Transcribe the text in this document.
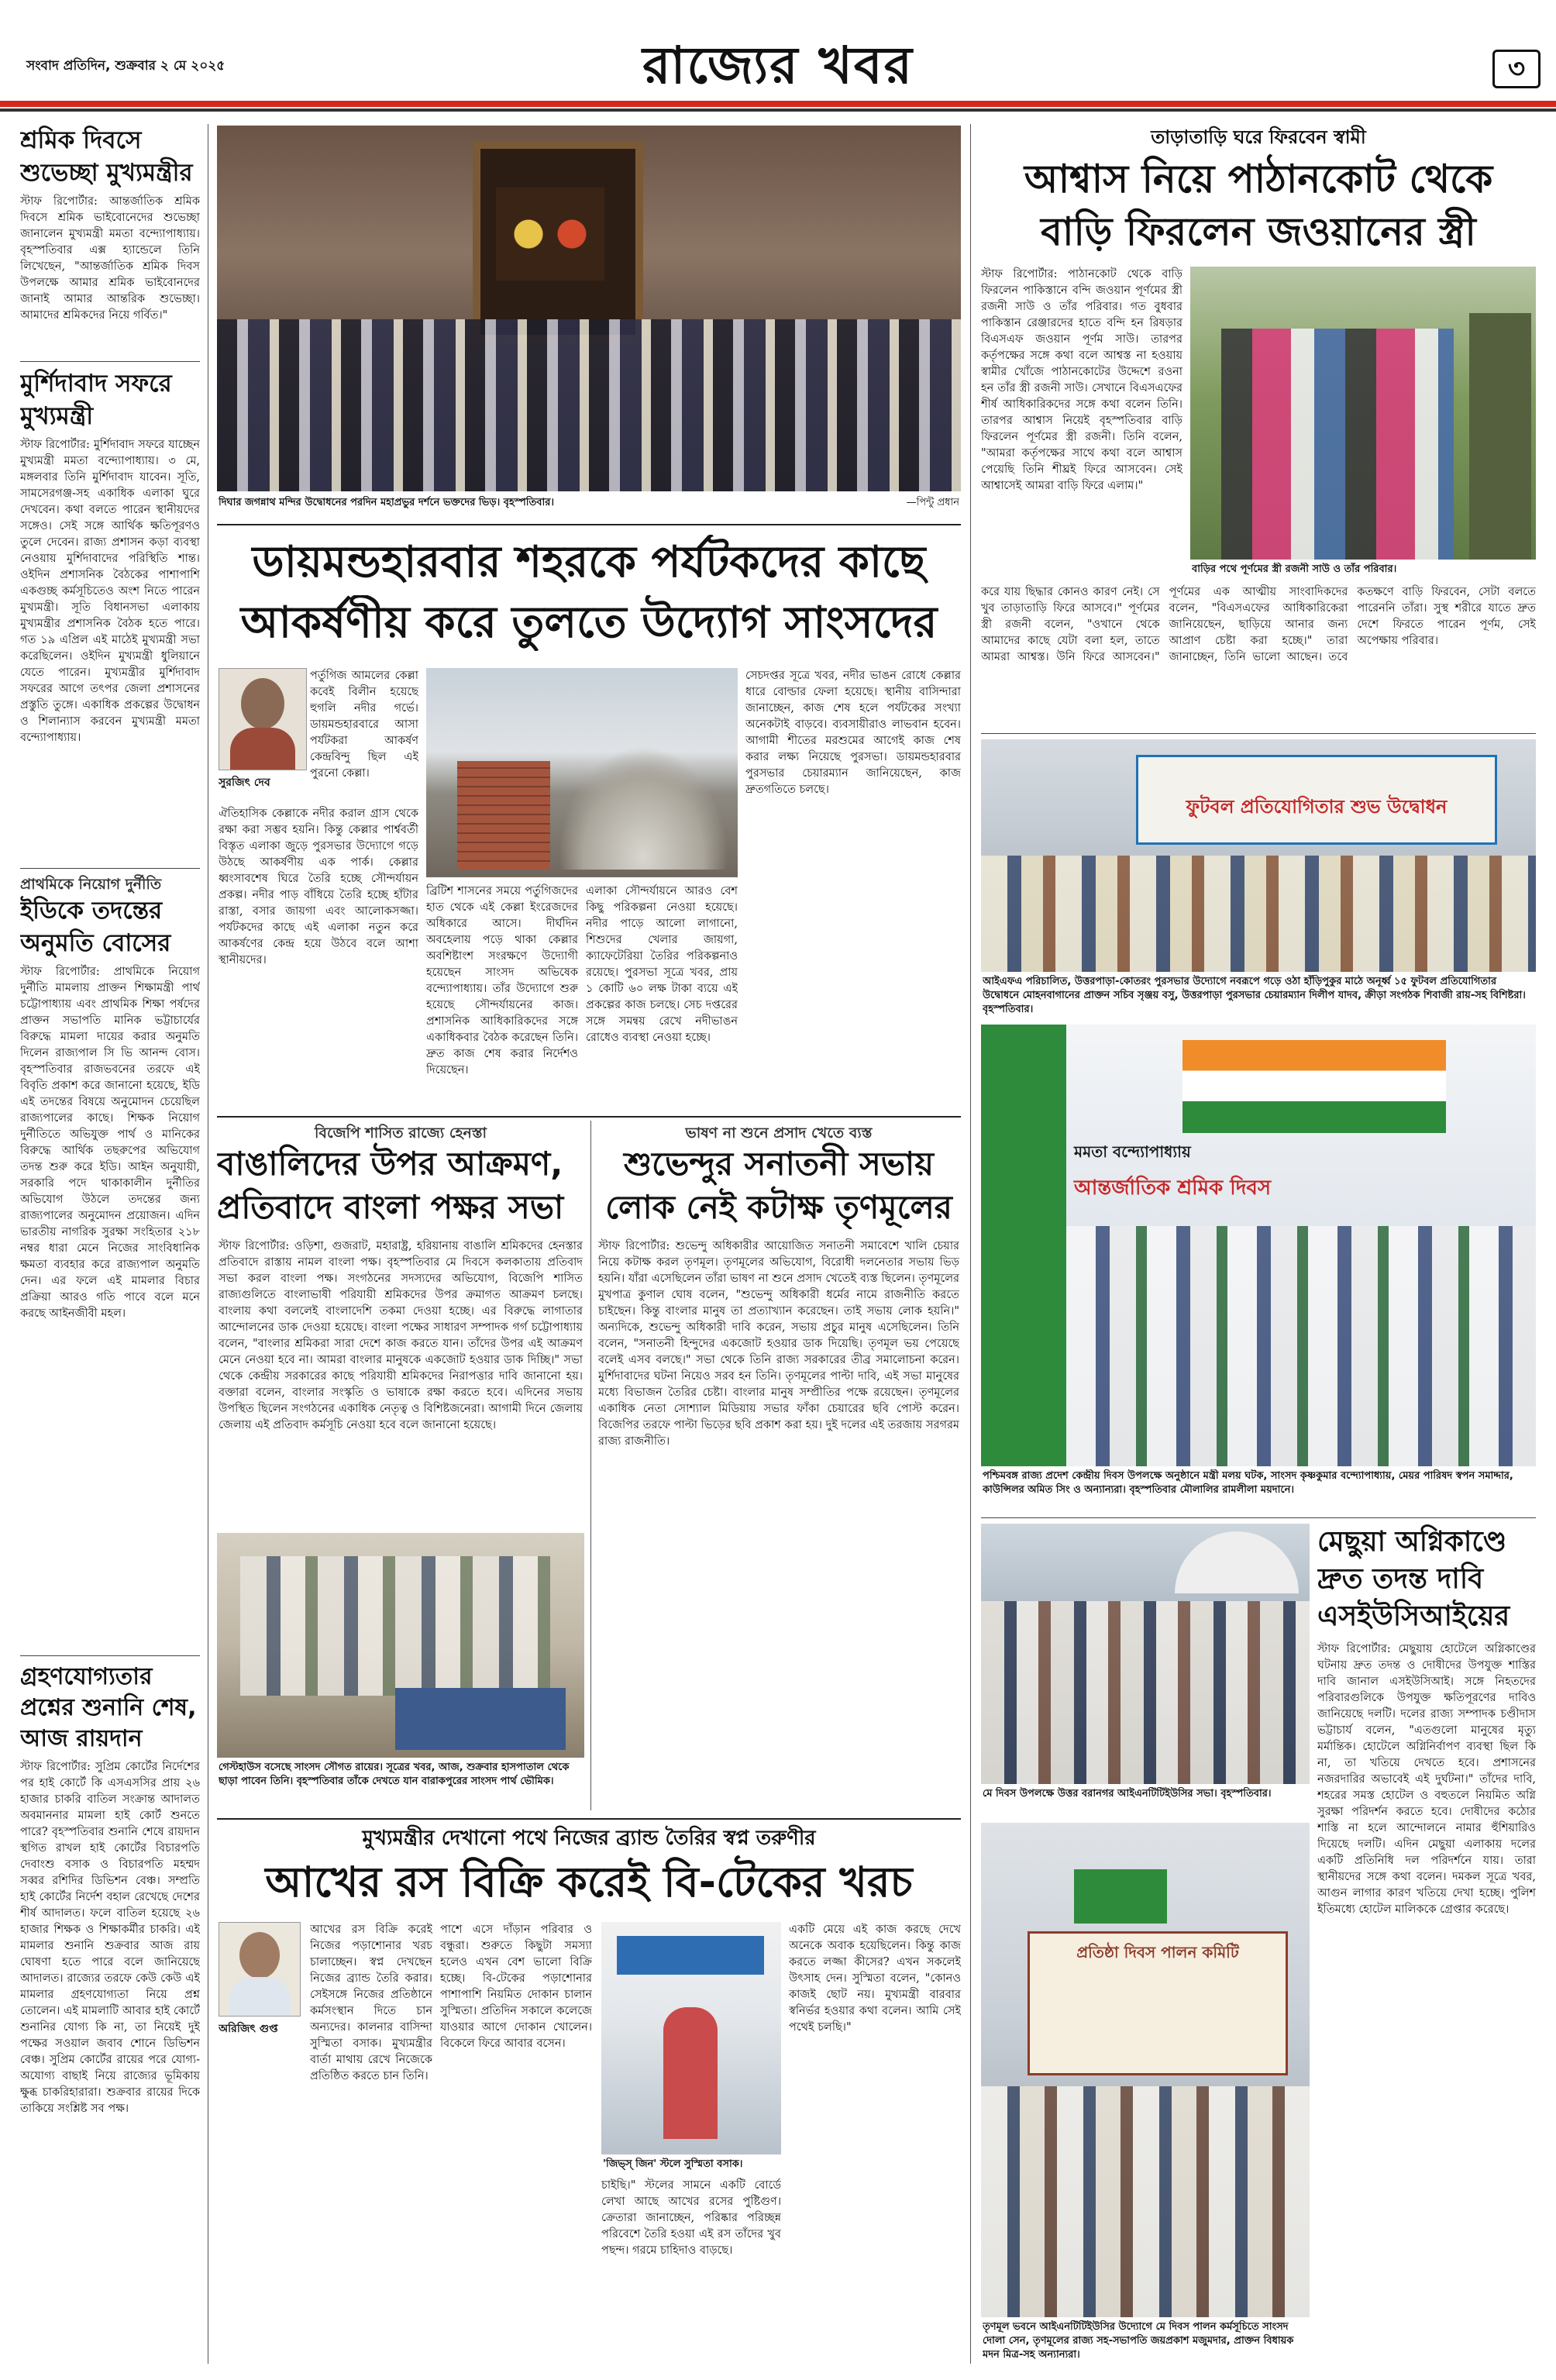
সংবাদ প্রতিদিন, শুক্রবার ২ মে ২০২৫	রাজ্যের খবর	৩
শ্রমিক দিবসে শুভেচ্ছা মুখ্যমন্ত্রীর
স্টাফ রিপোর্টার: আন্তর্জাতিক শ্রমিক দিবসে শ্রমিক ভাইবোনেদের শুভেচ্ছা জানালেন মুখ্যমন্ত্রী মমতা বন্দ্যোপাধ্যায়। বৃহস্পতিবার এক্স হ্যান্ডেলে তিনি লিখেছেন, "আন্তর্জাতিক শ্রমিক দিবস উপলক্ষে আমার শ্রমিক ভাইবোনদের জানাই আমার আন্তরিক শুভেচ্ছা। আমাদের শ্রমিকদের নিয়ে গর্বিত।"
মুর্শিদাবাদ সফরে মুখ্যমন্ত্রী
স্টাফ রিপোর্টার: মুর্শিদাবাদ সফরে যাচ্ছেন মুখ্যমন্ত্রী মমতা বন্দ্যোপাধ্যায়। ৩ মে, মঙ্গলবার তিনি মুর্শিদাবাদ যাবেন। সূতি, সামসেরগঞ্জ-সহ একাধিক এলাকা ঘুরে দেখবেন। কথা বলতে পারেন স্থানীয়দের সঙ্গেও। সেই সঙ্গে আর্থিক ক্ষতিপূরণও তুলে দেবেন। রাজ্য প্রশাসন কড়া ব্যবস্থা নেওয়ায় মুর্শিদাবাদের পরিস্থিতি শান্ত। ওইদিন প্রশাসনিক বৈঠকের পাশাপাশি একগুচ্ছ কর্মসূচিতেও অংশ নিতে পারেন মুখ্যমন্ত্রী। সূতি বিধানসভা এলাকায় মুখ্যমন্ত্রীর প্রশাসনিক বৈঠক হতে পারে। গত ১৯ এপ্রিল এই মাঠেই মুখ্যমন্ত্রী সভা করেছিলেন। ওইদিন মুখ্যমন্ত্রী ধুলিয়ানে যেতে পারেন। মুখ্যমন্ত্রীর মুর্শিদাবাদ সফরের আগে তৎপর জেলা প্রশাসনের প্রস্তুতি তুঙ্গে। একাধিক প্রকল্পের উদ্বোধন ও শিলান্যাস করবেন মুখ্যমন্ত্রী মমতা বন্দ্যোপাধ্যায়।
প্রাথমিকে নিয়োগ দুর্নীতি
ইডিকে তদন্তের অনুমতি বোসের
স্টাফ রিপোর্টার: প্রাথমিকে নিয়োগ দুর্নীতি মামলায় প্রাক্তন শিক্ষামন্ত্রী পার্থ চট্টোপাধ্যায় এবং প্রাথমিক শিক্ষা পর্ষদের প্রাক্তন সভাপতি মানিক ভট্টাচার্যের বিরুদ্ধে মামলা দায়ের করার অনুমতি দিলেন রাজ্যপাল সি ভি আনন্দ বোস। বৃহস্পতিবার রাজভবনের তরফে এই বিবৃতি প্রকাশ করে জানানো হয়েছে, ইডি এই তদন্তের বিষয়ে অনুমোদন চেয়েছিল রাজ্যপালের কাছে। শিক্ষক নিয়োগ দুর্নীতিতে অভিযুক্ত পার্থ ও মানিকের বিরুদ্ধে আর্থিক তছরুপের অভিযোগ তদন্ত শুরু করে ইডি। আইন অনুযায়ী, সরকারি পদে থাকাকালীন দুর্নীতির অভিযোগ উঠলে তদন্তের জন্য রাজ্যপালের অনুমোদন প্রয়োজন। এদিন ভারতীয় নাগরিক সুরক্ষা সংহিতার ২১৮ নম্বর ধারা মেনে নিজের সাংবিধানিক ক্ষমতা ব্যবহার করে রাজ্যপাল অনুমতি দেন। এর ফলে এই মামলার বিচার প্রক্রিয়া আরও গতি পাবে বলে মনে করছে আইনজীবী মহল।
গ্রহণযোগ্যতার প্রশ্নের শুনানি শেষ, আজ রায়দান
স্টাফ রিপোর্টার: সুপ্রিম কোর্টের নির্দেশের পর হাই কোর্টে কি এসএসসির প্রায় ২৬ হাজার চাকরি বাতিল সংক্রান্ত আদালত অবমাননার মামলা হাই কোর্ট শুনতে পারে? বৃহস্পতিবার শুনানি শেষে রায়দান স্থগিত রাখল হাই কোর্টের বিচারপতি দেবাংশু বসাক ও বিচারপতি মহম্মদ সব্বর রশিদির ডিভিশন বেঞ্চ। সম্প্রতি হাই কোর্টের নির্দেশ বহাল রেখেছে দেশের শীর্ষ আদালত। ফলে বাতিল হয়েছে ২৬ হাজার শিক্ষক ও শিক্ষাকর্মীর চাকরি। এই মামলার শুনানি শুক্রবার আজ রায় ঘোষণা হতে পারে বলে জানিয়েছে আদালত। রাজ্যের তরফে কেউ কেউ এই মামলার গ্রহণযোগ্যতা নিয়ে প্রশ্ন তোলেন। এই মামলাটি আবার হাই কোর্টে শুনানির যোগ্য কি না, তা নিয়েই দুই পক্ষের সওয়াল জবাব শোনে ডিভিশন বেঞ্চ। সুপ্রিম কোর্টের রায়ের পরে যোগ্য-অযোগ্য বাছাই নিয়ে রাজ্যের ভূমিকায় ক্ষুব্ধ চাকরিহারারা। শুক্রবার রায়ের দিকে তাকিয়ে সংশ্লিষ্ট সব পক্ষ।
দিঘার জগন্নাথ মন্দির উদ্বোধনের পরদিন মহাপ্রভুর দর্শনে ভক্তদের ভিড়। বৃহস্পতিবার।	—পিন্টু প্রধান
ডায়মন্ডহারবার শহরকে পর্যটকদের কাছে
আকর্ষণীয় করে তুলতে উদ্যোগ সাংসদের
সুরজিৎ দেব
পর্তুগিজ আমলের কেল্লা কবেই বিলীন হয়েছে হুগলি নদীর গর্ভে। ডায়মন্ডহারবারে আসা পর্যটকরা আকর্ষণ কেন্দ্রবিন্দু ছিল এই পুরনো কেল্লা।
ঐতিহাসিক কেল্লাকে নদীর করাল গ্রাস থেকে রক্ষা করা সম্ভব হয়নি। কিন্তু কেল্লার পার্শ্ববর্তী বিস্তৃত এলাকা জুড়ে পুরসভার উদ্যোগে গড়ে উঠছে আকর্ষণীয় এক পার্ক। কেল্লার ধ্বংসাবশেষ ঘিরে তৈরি হচ্ছে সৌন্দর্যায়ন প্রকল্প। নদীর পাড় বাঁধিয়ে তৈরি হচ্ছে হাঁটার রাস্তা, বসার জায়গা এবং আলোকসজ্জা। পর্যটকদের কাছে এই এলাকা নতুন করে আকর্ষণের কেন্দ্র হয়ে উঠবে বলে আশা স্থানীয়দের।
ব্রিটিশ শাসনের সময়ে পর্তুগিজদের হাত থেকে এই কেল্লা ইংরেজদের অধিকারে আসে। দীর্ঘদিন অবহেলায় পড়ে থাকা কেল্লার অবশিষ্টাংশ সংরক্ষণে উদ্যোগী হয়েছেন সাংসদ অভিষেক বন্দ্যোপাধ্যায়। তাঁর উদ্যোগে শুরু হয়েছে সৌন্দর্যায়নের কাজ। প্রশাসনিক আধিকারিকদের সঙ্গে একাধিকবার বৈঠক করেছেন তিনি। দ্রুত কাজ শেষ করার নির্দেশও দিয়েছেন।
এলাকা সৌন্দর্যায়নে আরও বেশ কিছু পরিকল্পনা নেওয়া হয়েছে। নদীর পাড়ে আলো লাগানো, শিশুদের খেলার জায়গা, ক্যাফেটেরিয়া তৈরির পরিকল্পনাও রয়েছে। পুরসভা সূত্রে খবর, প্রায় ১ কোটি ৬০ লক্ষ টাকা ব্যয়ে এই প্রকল্পের কাজ চলছে। সেচ দপ্তরের সঙ্গে সমন্বয় রেখে নদীভাঙন রোধেও ব্যবস্থা নেওয়া হচ্ছে।
সেচদপ্তর সূত্রে খবর, নদীর ভাঙন রোধে কেল্লার ধারে বোল্ডার ফেলা হয়েছে। স্থানীয় বাসিন্দারা জানাচ্ছেন, কাজ শেষ হলে পর্যটকের সংখ্যা অনেকটাই বাড়বে। ব্যবসায়ীরাও লাভবান হবেন। আগামী শীতের মরশুমের আগেই কাজ শেষ করার লক্ষ্য নিয়েছে পুরসভা। ডায়মন্ডহারবার পুরসভার চেয়ারম্যান জানিয়েছেন, কাজ দ্রুতগতিতে চলছে।
বিজেপি শাসিত রাজ্যে হেনস্তা
বাঙালিদের উপর আক্রমণ,
প্রতিবাদে বাংলা পক্ষর সভা
স্টাফ রিপোর্টার: ওড়িশা, গুজরাট, মহারাষ্ট্র, হরিয়ানায় বাঙালি শ্রমিকদের হেনস্তার প্রতিবাদে রাস্তায় নামল বাংলা পক্ষ। বৃহস্পতিবার মে দিবসে কলকাতায় প্রতিবাদ সভা করল বাংলা পক্ষ। সংগঠনের সদস্যদের অভিযোগ, বিজেপি শাসিত রাজ্যগুলিতে বাংলাভাষী পরিযায়ী শ্রমিকদের উপর ক্রমাগত আক্রমণ চলছে। বাংলায় কথা বললেই বাংলাদেশি তকমা দেওয়া হচ্ছে। এর বিরুদ্ধে লাগাতার আন্দোলনের ডাক দেওয়া হয়েছে। বাংলা পক্ষের সাধারণ সম্পাদক গর্গ চট্টোপাধ্যায় বলেন, "বাংলার শ্রমিকরা সারা দেশে কাজ করতে যান। তাঁদের উপর এই আক্রমণ মেনে নেওয়া হবে না। আমরা বাংলার মানুষকে একজোট হওয়ার ডাক দিচ্ছি।" সভা থেকে কেন্দ্রীয় সরকারের কাছে পরিযায়ী শ্রমিকদের নিরাপত্তার দাবি জানানো হয়। বক্তারা বলেন, বাংলার সংস্কৃতি ও ভাষাকে রক্ষা করতে হবে। এদিনের সভায় উপস্থিত ছিলেন সংগঠনের একাধিক নেতৃত্ব ও বিশিষ্টজনেরা। আগামী দিনে জেলায় জেলায় এই প্রতিবাদ কর্মসূচি নেওয়া হবে বলে জানানো হয়েছে।
গেস্টহাউস বসেছে সাংসদ সৌগত রায়ের। সূত্রের খবর, আজ, শুক্রবার হাসপাতাল থেকে ছাড়া পাবেন তিনি। বৃহস্পতিবার তাঁকে দেখতে যান বারাকপুরের সাংসদ পার্থ ভৌমিক।
ভাষণ না শুনে প্রসাদ খেতে ব্যস্ত
শুভেন্দুর সনাতনী সভায়
লোক নেই কটাক্ষ তৃণমূলের
স্টাফ রিপোর্টার: শুভেন্দু অধিকারীর আয়োজিত সনাতনী সমাবেশে খালি চেয়ার নিয়ে কটাক্ষ করল তৃণমূল। তৃণমূলের অভিযোগ, বিরোধী দলনেতার সভায় ভিড় হয়নি। যাঁরা এসেছিলেন তাঁরা ভাষণ না শুনে প্রসাদ খেতেই ব্যস্ত ছিলেন। তৃণমূলের মুখপাত্র কুণাল ঘোষ বলেন, "শুভেন্দু অধিকারী ধর্মের নামে রাজনীতি করতে চাইছেন। কিন্তু বাংলার মানুষ তা প্রত্যাখ্যান করেছেন। তাই সভায় লোক হয়নি।" অন্যদিকে, শুভেন্দু অধিকারী দাবি করেন, সভায় প্রচুর মানুষ এসেছিলেন। তিনি বলেন, "সনাতনী হিন্দুদের একজোট হওয়ার ডাক দিয়েছি। তৃণমূল ভয় পেয়েছে বলেই এসব বলছে।" সভা থেকে তিনি রাজ্য সরকারের তীব্র সমালোচনা করেন। মুর্শিদাবাদের ঘটনা নিয়েও সরব হন তিনি। তৃণমূলের পাল্টা দাবি, এই সভা মানুষের মধ্যে বিভাজন তৈরির চেষ্টা। বাংলার মানুষ সম্প্রীতির পক্ষে রয়েছেন। তৃণমূলের একাধিক নেতা সোশ্যাল মিডিয়ায় সভার ফাঁকা চেয়ারের ছবি পোস্ট করেন। বিজেপির তরফে পাল্টা ভিড়ের ছবি প্রকাশ করা হয়। দুই দলের এই তরজায় সরগরম রাজ্য রাজনীতি।
মুখ্যমন্ত্রীর দেখানো পথে নিজের ব্র্যান্ড তৈরির স্বপ্ন তরুণীর
আখের রস বিক্রি করেই বি-টেকের খরচ
অরিজিৎ গুপ্ত
আখের রস বিক্রি করেই নিজের পড়াশোনার খরচ চালাচ্ছেন। স্বপ্ন দেখছেন নিজের ব্র্যান্ড তৈরি করার। সেইসঙ্গে নিজের প্রতিষ্ঠানে কর্মসংস্থান দিতে চান অন্যদের। কালনার বাসিন্দা সুস্মিতা বসাক। মুখ্যমন্ত্রীর বার্তা মাথায় রেখে নিজেকে প্রতিষ্ঠিত করতে চান তিনি।
পাশে এসে দাঁড়ান পরিবার ও বন্ধুরা। শুরুতে কিছুটা সমস্যা হলেও এখন বেশ ভালো বিক্রি হচ্ছে। বি-টেকের পড়াশোনার পাশাপাশি নিয়মিত দোকান চালান সুস্মিতা। প্রতিদিন সকালে কলেজে যাওয়ার আগে দোকান খোলেন। বিকেলে ফিরে আবার বসেন।
'জিভ্স্ জিন' স্টলে সুস্মিতা বসাক।
চাইছি।" স্টলের সামনে একটি বোর্ডে লেখা আছে আখের রসের পুষ্টিগুণ। ক্রেতারা জানাচ্ছেন, পরিষ্কার পরিচ্ছন্ন পরিবেশে তৈরি হওয়া এই রস তাঁদের খুব পছন্দ। গরমে চাহিদাও বাড়ছে।
একটি মেয়ে এই কাজ করছে দেখে অনেকে অবাক হয়েছিলেন। কিন্তু কাজ করতে লজ্জা কীসের? এখন সকলেই উৎসাহ দেন। সুস্মিতা বলেন, "কোনও কাজই ছোট নয়। মুখ্যমন্ত্রী বারবার স্বনির্ভর হওয়ার কথা বলেন। আমি সেই পথেই চলছি।"
তাড়াতাড়ি ঘরে ফিরবেন স্বামী
আশ্বাস নিয়ে পাঠানকোট থেকে
বাড়ি ফিরলেন জওয়ানের স্ত্রী
স্টাফ রিপোর্টার: পাঠানকোট থেকে বাড়ি ফিরলেন পাকিস্তানে বন্দি জওয়ান পূর্ণমের স্ত্রী রজনী সাউ ও তাঁর পরিবার। গত বুধবার পাকিস্তান রেঞ্জারদের হাতে বন্দি হন রিষড়ার বিএসএফ জওয়ান পূর্ণম সাউ। তারপর কর্তৃপক্ষের সঙ্গে কথা বলে আশ্বস্ত না হওয়ায় স্বামীর খোঁজে পাঠানকোটের উদ্দেশে রওনা হন তাঁর স্ত্রী রজনী সাউ। সেখানে বিএসএফের শীর্ষ আধিকারিকদের সঙ্গে কথা বলেন তিনি। তারপর আশ্বাস নিয়েই বৃহস্পতিবার বাড়ি ফিরলেন পূর্ণমের স্ত্রী রজনী। তিনি বলেন, "আমরা কর্তৃপক্ষের সাথে কথা বলে আশ্বাস পেয়েছি তিনি শীঘ্রই ফিরে আসবেন। সেই আশ্বাসেই আমরা বাড়ি ফিরে এলাম।"
বাড়ির পথে পূর্ণমের স্ত্রী রজনী সাউ ও তাঁর পরিবার।
করে যায় ছিদ্ধার কোনও কারণ নেই। সে খুব তাড়াতাড়ি ফিরে আসবে।" পূর্ণমের স্ত্রী রজনী বলেন, "ওখানে থেকে আমাদের কাছে যেটা বলা হল, তাতে আমরা আশ্বস্ত। উনি ফিরে আসবেন।" পূর্ণমের এক আত্মীয় সাংবাদিকদের বলেন, "বিএসএফের আধিকারিকেরা জানিয়েছেন, ছাড়িয়ে আনার জন্য আপ্রাণ চেষ্টা করা হচ্ছে।" তারা জানাচ্ছেন, তিনি ভালো আছেন। তবে কতক্ষণে বাড়ি ফিরবেন, সেটা বলতে পারেননি তাঁরা। সুস্থ শরীরে যাতে দ্রুত দেশে ফিরতে পারেন পূর্ণম, সেই অপেক্ষায় পরিবার।
ফুটবল প্রতিযোগিতার শুভ উদ্বোধন
আইএফএ পরিচালিত, উত্তরপাড়া-কোতরং পুরসভার উদ্যোগে নবরূপে গড়ে ওঠা হাঁড়িপুকুর মাঠে অনূর্ধ্ব ১৫ ফুটবল প্রতিযোগিতার উদ্বোধনে মোহনবাগানের প্রাক্তন সচিব সৃঞ্জয় বসু, উত্তরপাড়া পুরসভার চেয়ারম্যান দিলীপ যাদব, ক্রীড়া সংগঠক শিবাজী রায়-সহ বিশিষ্টরা। বৃহস্পতিবার।
মমতা বন্দ্যোপাধ্যায়
আন্তর্জাতিক শ্রমিক দিবস
পশ্চিমবঙ্গ রাজ্য প্রদেশ কেন্দ্রীয় দিবস উপলক্ষে অনুষ্ঠানে মন্ত্রী মলয় ঘটক, সাংসদ কৃষ্ণকুমার বন্দ্যোপাধ্যায়, মেয়র পারিষদ স্বপন সমাদ্দার, কাউন্সিলর অমিত সিং ও অন্যান্যরা। বৃহস্পতিবার মৌলালির রামলীলা ময়দানে।
মে দিবস উপলক্ষে উত্তর বরানগর আইএনটিটিইউসির সভা। বৃহস্পতিবার।
মেছুয়া অগ্নিকাণ্ডে
দ্রুত তদন্ত দাবি
এসইউসিআইয়ের
স্টাফ রিপোর্টার: মেছুয়ায় হোটেলে অগ্নিকাণ্ডের ঘটনায় দ্রুত তদন্ত ও দোষীদের উপযুক্ত শাস্তির দাবি জানাল এসইউসিআই। সঙ্গে নিহতদের পরিবারগুলিকে উপযুক্ত ক্ষতিপূরণের দাবিও জানিয়েছে দলটি। দলের রাজ্য সম্পাদক চণ্ডীদাস ভট্টাচার্য বলেন, "এতগুলো মানুষের মৃত্যু মর্মান্তিক। হোটেলে অগ্নিনির্বাপণ ব্যবস্থা ছিল কি না, তা খতিয়ে দেখতে হবে। প্রশাসনের নজরদারির অভাবেই এই দুর্ঘটনা।" তাঁদের দাবি, শহরের সমস্ত হোটেল ও বহুতলে নিয়মিত অগ্নি সুরক্ষা পরিদর্শন করতে হবে। দোষীদের কঠোর শাস্তি না হলে আন্দোলনে নামার হুঁশিয়ারিও দিয়েছে দলটি। এদিন মেছুয়া এলাকায় দলের একটি প্রতিনিধি দল পরিদর্শনে যায়। তারা স্থানীয়দের সঙ্গে কথা বলেন। দমকল সূত্রে খবর, আগুন লাগার কারণ খতিয়ে দেখা হচ্ছে। পুলিশ ইতিমধ্যে হোটেল মালিককে গ্রেপ্তার করেছে।
প্রতিষ্ঠা দিবস পালন কমিটি
তৃণমূল ভবনে আইএনটিটিইউসির উদ্যোগে মে দিবস পালন কর্মসূচিতে সাংসদ দোলা সেন, তৃণমূলের রাজ্য সহ-সভাপতি জয়প্রকাশ মজুমদার, প্রাক্তন বিধায়ক মদন মিত্র-সহ অন্যান্যরা।
